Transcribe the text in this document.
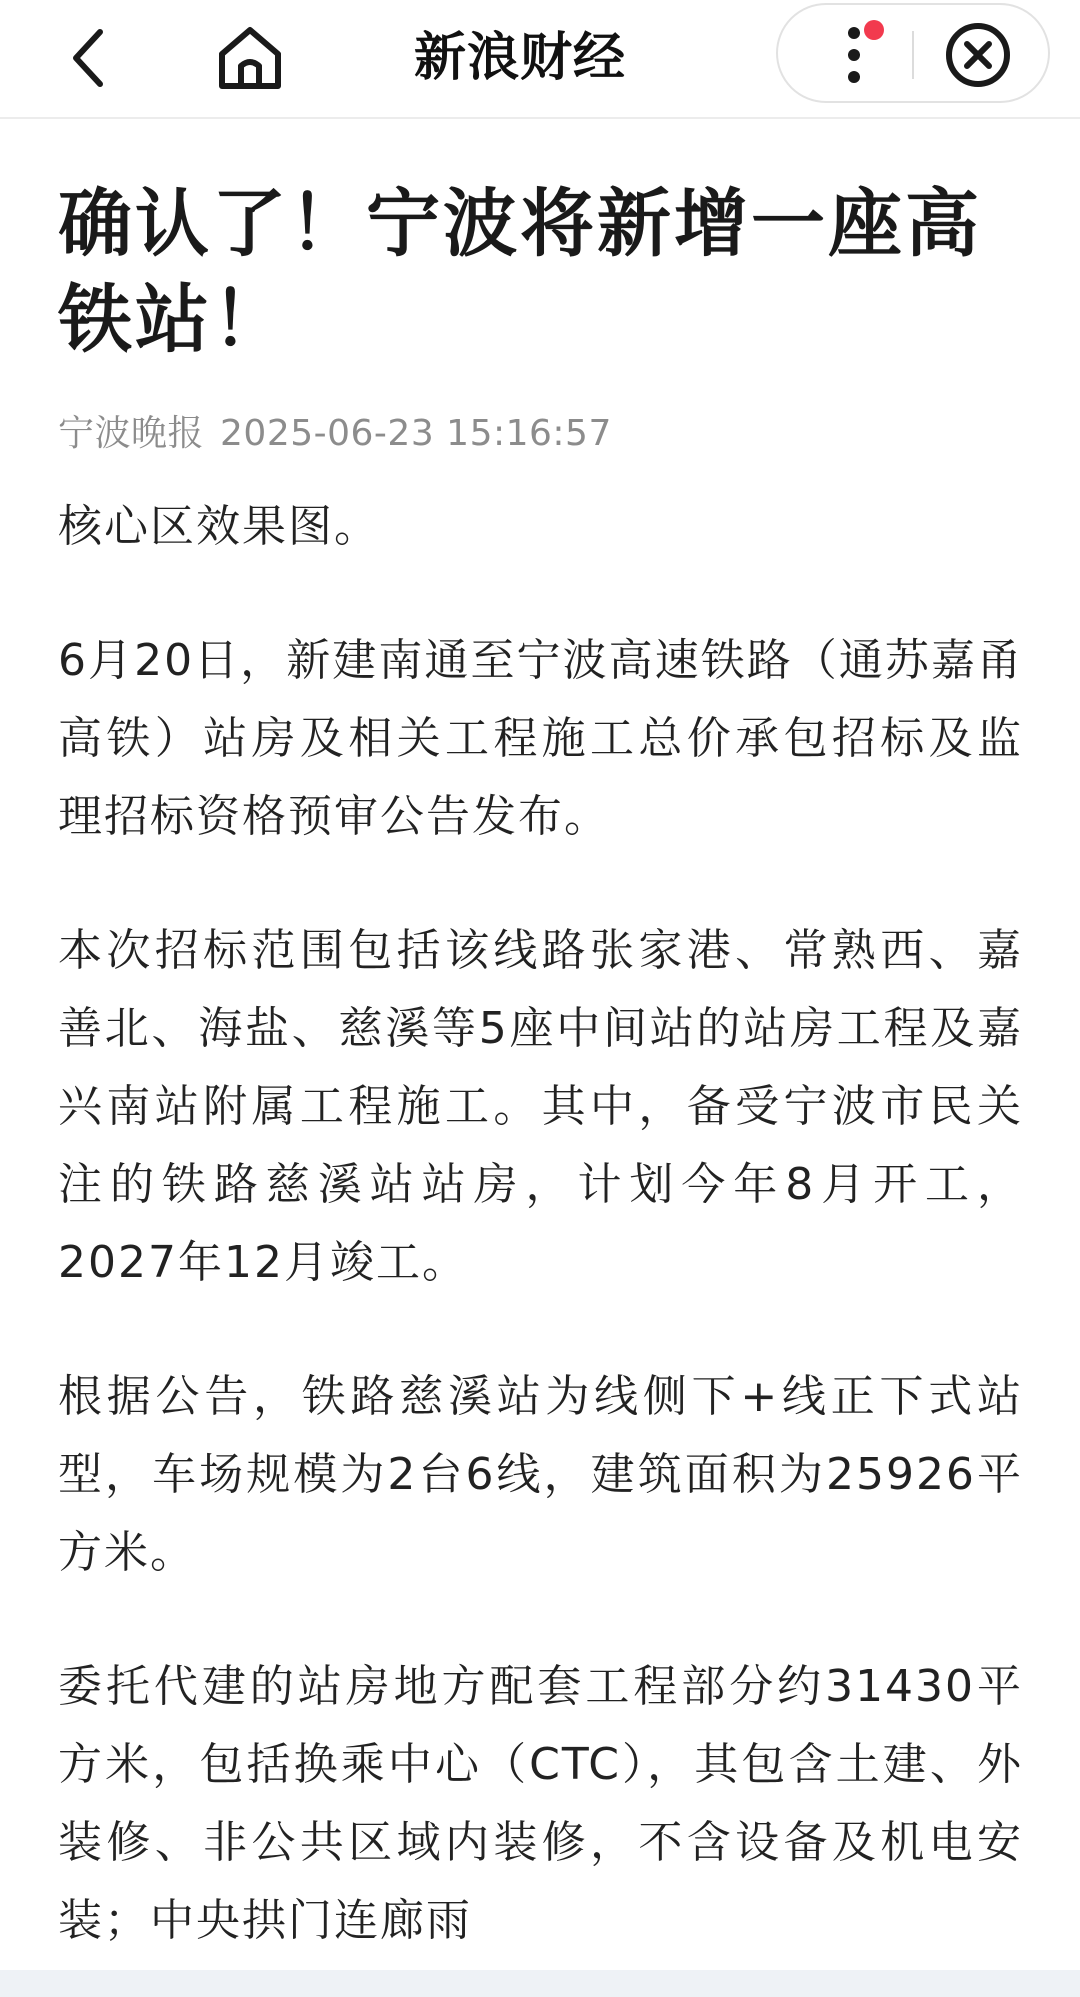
新浪财经
确认了！宁波将新增一座高铁站！
宁波晚报 2025-06-23 15:16:57

核心区效果图。

6月20日，新建南通至宁波高速铁路（通苏嘉甬高铁）站房及相关工程施工总价承包招标及监理招标资格预审公告发布。

本次招标范围包括该线路张家港、常熟西、嘉善北、海盐、慈溪等5座中间站的站房工程及嘉兴南站附属工程施工。其中，备受宁波市民关注的铁路慈溪站站房，计划今年8月开工，2027年12月竣工。

根据公告，铁路慈溪站为线侧下+线正下式站型，车场规模为2台6线，建筑面积为25926平方米。

委托代建的站房地方配套工程部分约31430平方米，包括换乘中心（CTC），其包含土建、外装修、非公共区域内装修，不含设备及机电安装；中央拱门连廊雨
